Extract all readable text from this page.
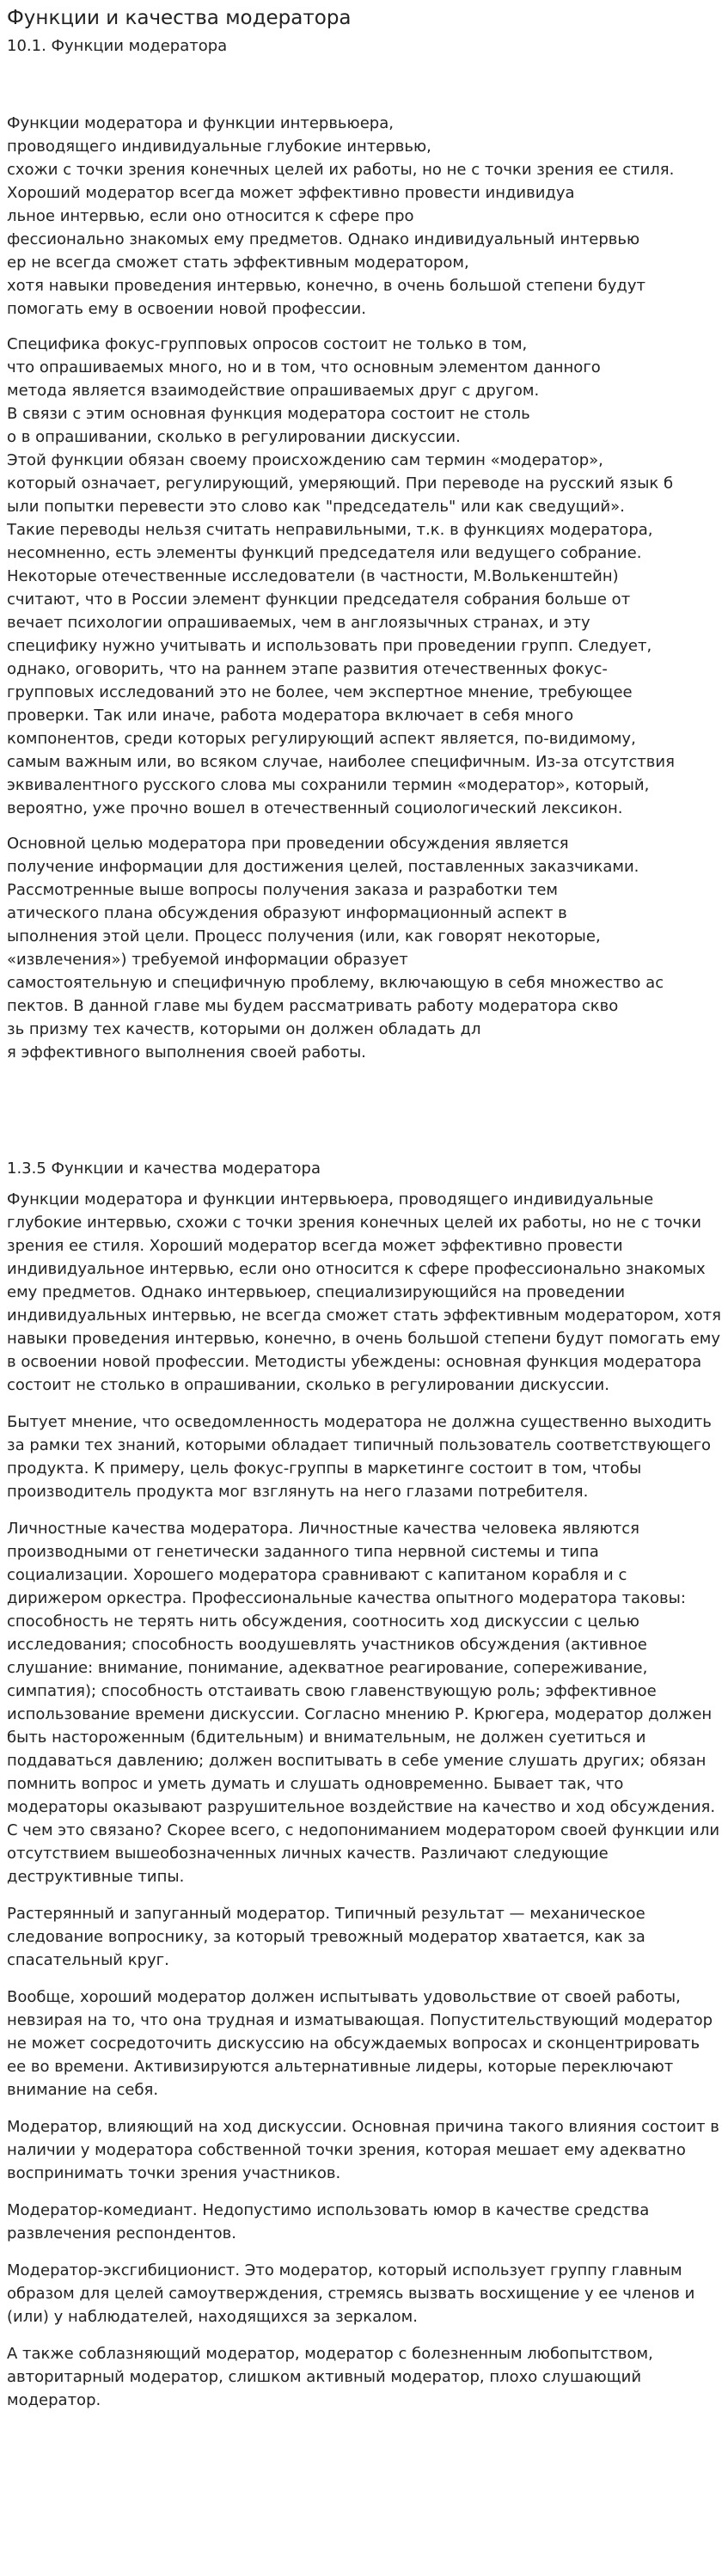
Функции и качества модератора
10.1. Функции модератора
Функции модератора и функции интервьюера,
проводящего индивидуальные глубокие интервью,
схожи с точки зрения конечных целей их работы, но не с точки зрения ее стиля.
Хороший модератор всегда может эффективно провести индивидуа
льное интервью, если оно относится к сфере про
фессионально знакомых ему предметов. Однако индивидуальный интервью
ер не всегда сможет стать эффективным модератором,
хотя навыки проведения интервью, конечно, в очень большой степени будут
помогать ему в освоении новой профессии.
Специфика фокус-групповых опросов состоит не только в том,
что опрашиваемых много, но и в том, что основным элементом данного
метода является взаимодействие опрашиваемых друг с другом.
В связи с этим основная функция модератора состоит не столь
о в опрашивании, сколько в регулировании дискуссии.
Этой функции обязан своему происхождению сам термин «модератор»,
который означает, регулирующий, умеряющий. При переводе на русский язык б
ыли попытки перевести это слово как "председатель" или как сведущий».
Такие переводы нельзя считать неправильными, т.к. в функциях модератора,
несомненно, есть элементы функций председателя или ведущего собрание.
Некоторые отечественные исследователи (в частности, М.Волькенштейн)
считают, что в России элемент функции председателя собрания больше от
вечает психологии опрашиваемых, чем в англоязычных странах, и эту
специфику нужно учитывать и использовать при проведении групп. Следует,
однако, оговорить, что на раннем этапе развития отечественных фокус-
групповых исследований это не более, чем экспертное мнение, требующее
проверки. Так или иначе, работа модератора включает в себя много
компонентов, среди которых регулирующий аспект является, по-видимому,
самым важным или, во всяком случае, наиболее специфичным. Из-за отсутствия
эквивалентного русского слова мы сохранили термин «модератор», который,
вероятно, уже прочно вошел в отечественный социологический лексикон.
Основной целью модератора при проведении обсуждения является
получение информации для достижения целей, поставленных заказчиками.
Рассмотренные выше вопросы получения заказа и разработки тем
атического плана обсуждения образуют информационный аспект в
ыполнения этой цели. Процесс получения (или, как говорят некоторые,
«извлечения») требуемой информации образует
самостоятельную и специфичную проблему, включающую в себя множество ас
пектов. В данной главе мы будем рассматривать работу модератора скво
зь призму тех качеств, которыми он должен обладать дл
я эффективного выполнения своей работы.
1.3.5 Функции и качества модератора
Функции модератора и функции интервьюера, проводящего индивидуальные глубокие интервью, схожи с точки зрения конечных целей их работы, но не с точки зрения ее стиля. Хороший модератор всегда может эффективно провести индивидуальное интервью, если оно относится к сфере профессионально знакомых ему предметов. Однако интервьюер, специализирующийся на проведении индивидуальных интервью, не всегда сможет стать эффективным модератором, хотя навыки проведения интервью, конечно, в очень большой степени будут помогать ему в освоении новой профессии. Методисты убеждены: основная функция модератора состоит не столько в опрашивании, сколько в регулировании дискуссии.
Бытует мнение, что осведомленность модератора не должна существенно выходить за рамки тех знаний, которыми обладает типичный пользователь соответствующего продукта. К примеру, цель фокус-группы в маркетинге состоит в том, чтобы производитель продукта мог взглянуть на него глазами потребителя.
Личностные качества модератора. Личностные качества человека являются производными от генетически заданного типа нервной системы и типа социализации. Хорошего модератора сравнивают с капитаном корабля и с дирижером оркестра. Профессиональные качества опытного модератора таковы: способность не терять нить обсуждения, соотносить ход дискуссии с целью исследования; способность воодушевлять участников обсуждения (активное слушание: внимание, понимание, адекватное реагирование, сопереживание, симпатия); способность отстаивать свою главенствующую роль; эффективное использование времени дискуссии. Согласно мнению Р. Крюгера, модератор должен быть настороженным (бдительным) и внимательным, не должен суетиться и поддаваться давлению; должен воспитывать в себе умение слушать других; обязан помнить вопрос и уметь думать и слушать одновременно. Бывает так, что модераторы оказывают разрушительное воздействие на качество и ход обсуждения. С чем это связано? Скорее всего, с недопониманием модератором своей функции или отсутствием вышеобозначенных личных качеств. Различают следующие деструктивные типы.
Растерянный и запуганный модератор. Типичный результат — механическое следование вопроснику, за который тревожный модератор хватается, как за спасательный круг.
Вообще, хороший модератор должен испытывать удовольствие от своей работы, невзирая на то, что она трудная и изматывающая. Попустительствующий модератор не может сосредоточить дискуссию на обсуждаемых вопросах и сконцентрировать ее во времени. Активизируются альтернативные лидеры, которые переключают внимание на себя.
Модератор, влияющий на ход дискуссии. Основная причина такого влияния состоит в наличии у модератора собственной точки зрения, которая мешает ему адекватно воспринимать точки зрения участников.
Модератор-комедиант. Недопустимо использовать юмор в качестве средства развлечения респондентов.
Модератор-эксгибиционист. Это модератор, который использует группу главным образом для целей самоутверждения, стремясь вызвать восхищение у ее членов и (или) у наблюдателей, находящихся за зеркалом.
А также соблазняющий модератор, модератор с болезненным любопытством, авторитарный модератор, слишком активный модератор, плохо слушающий модератор.
